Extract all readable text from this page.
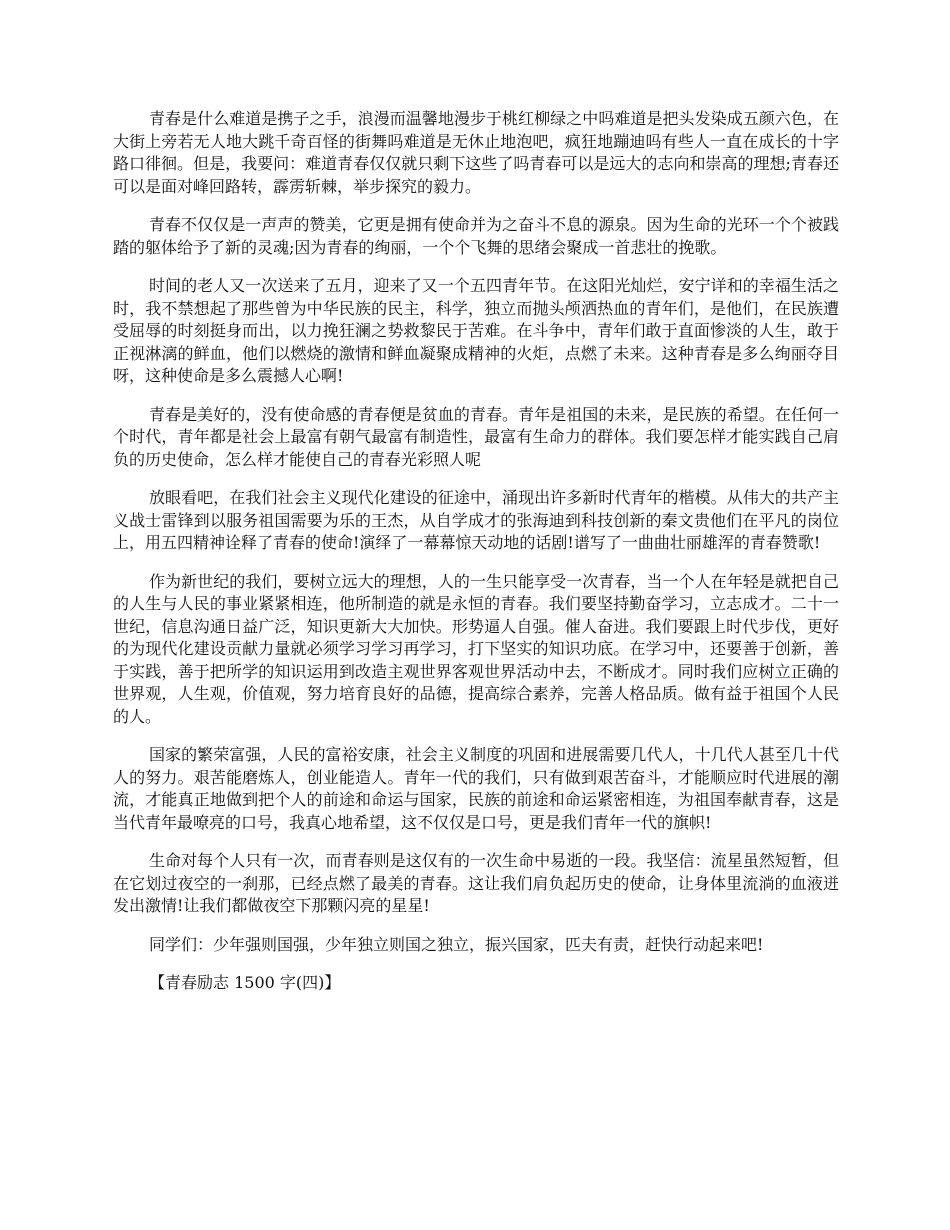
青春是什么难道是携子之手，浪漫而温馨地漫步于桃红柳绿之中吗难道是把头发染成五颜六色，在大街上旁若无人地大跳千奇百怪的街舞吗难道是无休止地泡吧，疯狂地蹦迪吗有些人一直在成长的十字路口徘徊。但是，我要问：难道青春仅仅就只剩下这些了吗青春可以是远大的志向和崇高的理想;青春还可以是面对峰回路转，霹雳斩棘，举步探究的毅力。

青春不仅仅是一声声的赞美，它更是拥有使命并为之奋斗不息的源泉。因为生命的光环一个个被践踏的躯体给予了新的灵魂;因为青春的绚丽，一个个飞舞的思绪会聚成一首悲壮的挽歌。

时间的老人又一次送来了五月，迎来了又一个五四青年节。在这阳光灿烂，安宁详和的幸福生活之时，我不禁想起了那些曾为中华民族的民主，科学，独立而抛头颅洒热血的青年们，是他们，在民族遭受屈辱的时刻挺身而出，以力挽狂澜之势救黎民于苦难。在斗争中，青年们敢于直面惨淡的人生，敢于正视淋漓的鲜血，他们以燃烧的激情和鲜血凝聚成精神的火炬，点燃了未来。这种青春是多么绚丽夺目呀，这种使命是多么震撼人心啊!

青春是美好的，没有使命感的青春便是贫血的青春。青年是祖国的未来，是民族的希望。在任何一个时代，青年都是社会上最富有朝气最富有制造性，最富有生命力的群体。我们要怎样才能实践自己肩负的历史使命，怎么样才能使自己的青春光彩照人呢

放眼看吧，在我们社会主义现代化建设的征途中，涌现出许多新时代青年的楷模。从伟大的共产主义战士雷锋到以服务祖国需要为乐的王杰，从自学成才的张海迪到科技创新的秦文贵他们在平凡的岗位上，用五四精神诠释了青春的使命!演绎了一幕幕惊天动地的话剧!谱写了一曲曲壮丽雄浑的青春赞歌!

作为新世纪的我们，要树立远大的理想，人的一生只能享受一次青春，当一个人在年轻是就把自己的人生与人民的事业紧紧相连，他所制造的就是永恒的青春。我们要坚持勤奋学习，立志成才。二十一世纪，信息沟通日益广泛，知识更新大大加快。形势逼人自强。催人奋进。我们要跟上时代步伐，更好的为现代化建设贡献力量就必须学习学习再学习，打下坚实的知识功底。在学习中，还要善于创新，善于实践，善于把所学的知识运用到改造主观世界客观世界活动中去，不断成才。同时我们应树立正确的世界观，人生观，价值观，努力培育良好的品德，提高综合素养，完善人格品质。做有益于祖国个人民的人。

国家的繁荣富强，人民的富裕安康，社会主义制度的巩固和进展需要几代人，十几代人甚至几十代人的努力。艰苦能磨炼人，创业能造人。青年一代的我们，只有做到艰苦奋斗，才能顺应时代进展的潮流，才能真正地做到把个人的前途和命运与国家，民族的前途和命运紧密相连，为祖国奉献青春，这是当代青年最嘹亮的口号，我真心地希望，这不仅仅是口号，更是我们青年一代的旗帜!

生命对每个人只有一次，而青春则是这仅有的一次生命中易逝的一段。我坚信：流星虽然短暂，但在它划过夜空的一刹那，已经点燃了最美的青春。这让我们肩负起历史的使命，让身体里流淌的血液迸发出激情!让我们都做夜空下那颗闪亮的星星!

同学们：少年强则国强，少年独立则国之独立，振兴国家，匹夫有责，赶快行动起来吧!

【青春励志 1500 字(四)】
